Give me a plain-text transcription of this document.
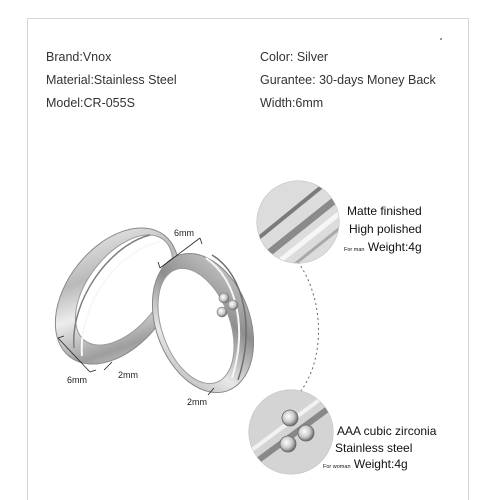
Brand:Vnox
Material:Stainless Steel
Model:CR-055S
Color: Silver
Gurantee: 30-days Money Back
Width:6mm
6mm
6mm	2mm
2mm
Matte finished
High polished
For man Weight:4g
AAA cubic zirconia
Stainless steel
For woman Weight:4g
